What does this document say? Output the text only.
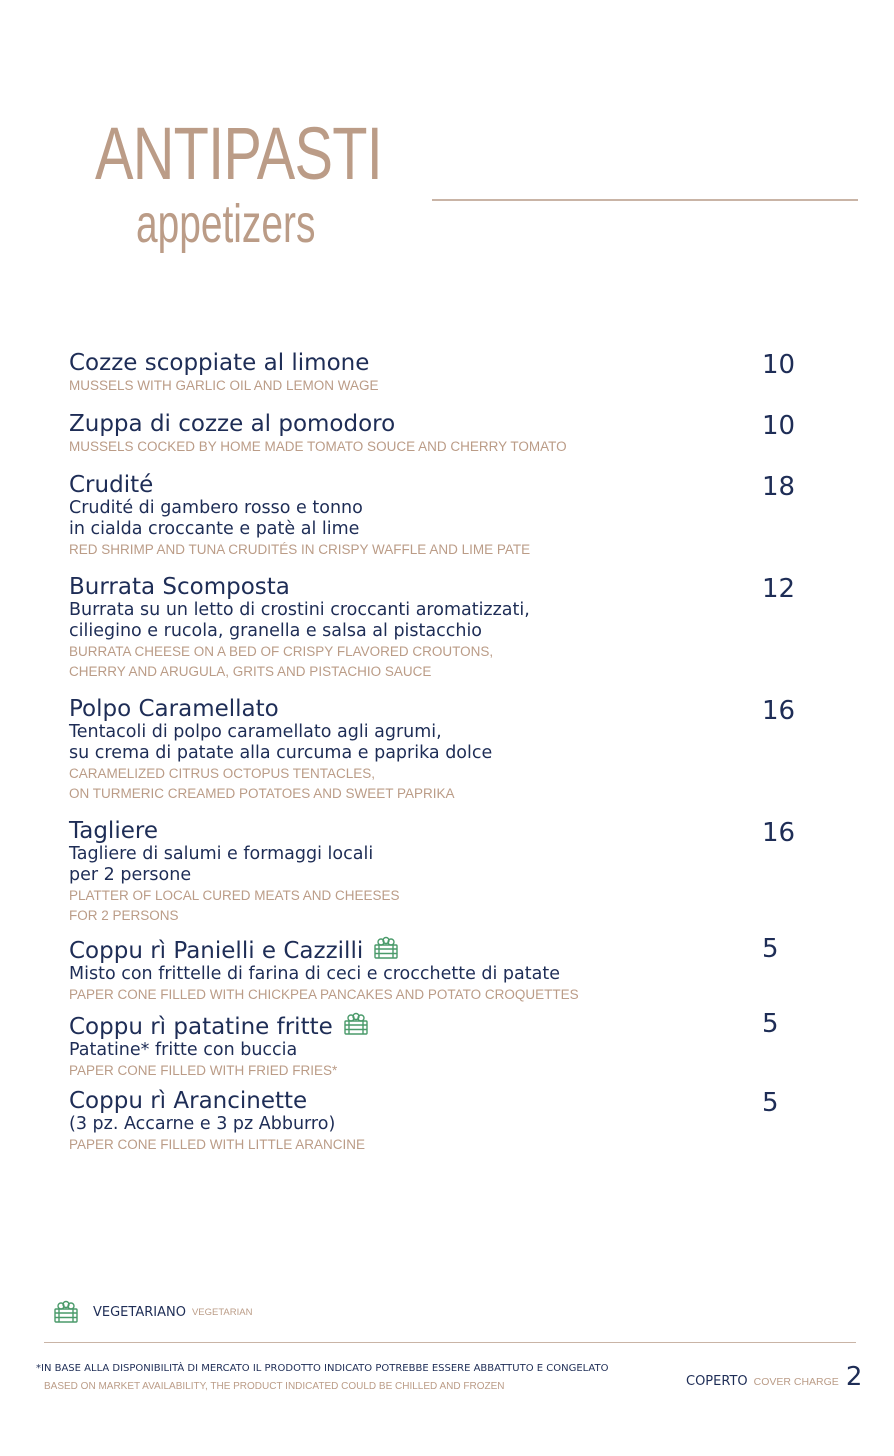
ANTIPASTI
appetizers
Cozze scoppiate al limone
MUSSELS WITH GARLIC OIL AND LEMON WAGE
10
Zuppa di cozze al pomodoro
MUSSELS COCKED BY HOME MADE TOMATO SOUCE AND CHERRY TOMATO
10
Crudité
Crudité di gambero rosso e tonno
in cialda croccante e patè al lime
RED SHRIMP AND TUNA CRUDITÉS IN CRISPY WAFFLE AND LIME PATE
18
Burrata Scomposta
Burrata su un letto di crostini croccanti aromatizzati,
ciliegino e rucola, granella e salsa al pistacchio
BURRATA CHEESE ON A BED OF CRISPY FLAVORED CROUTONS,
CHERRY AND ARUGULA, GRITS AND PISTACHIO SAUCE
12
Polpo Caramellato
Tentacoli di polpo caramellato agli agrumi,
su crema di patate alla curcuma e paprika dolce
CARAMELIZED CITRUS OCTOPUS TENTACLES,
ON TURMERIC CREAMED POTATOES AND SWEET PAPRIKA
16
Tagliere
Tagliere di salumi e formaggi locali
per 2 persone
PLATTER OF LOCAL CURED MEATS AND CHEESES
FOR 2 PERSONS
16
Coppu rì Panielli e Cazzilli
Misto con frittelle di farina di ceci e crocchette di patate
PAPER CONE FILLED WITH CHICKPEA PANCAKES AND POTATO CROQUETTES
5
Coppu rì patatine fritte
Patatine* fritte con buccia
PAPER CONE FILLED WITH FRIED FRIES*
5
Coppu rì Arancinette
(3 pz. Accarne e 3 pz Abburro)
PAPER CONE FILLED WITH LITTLE ARANCINE
5
VEGETARIANO VEGETARIAN
*IN BASE ALLA DISPONIBILITÀ DI MERCATO IL PRODOTTO INDICATO POTREBBE ESSERE ABBATTUTO E CONGELATO
BASED ON MARKET AVAILABILITY, THE PRODUCT INDICATED COULD BE CHILLED AND FROZEN	COPERTO COVER CHARGE 2
